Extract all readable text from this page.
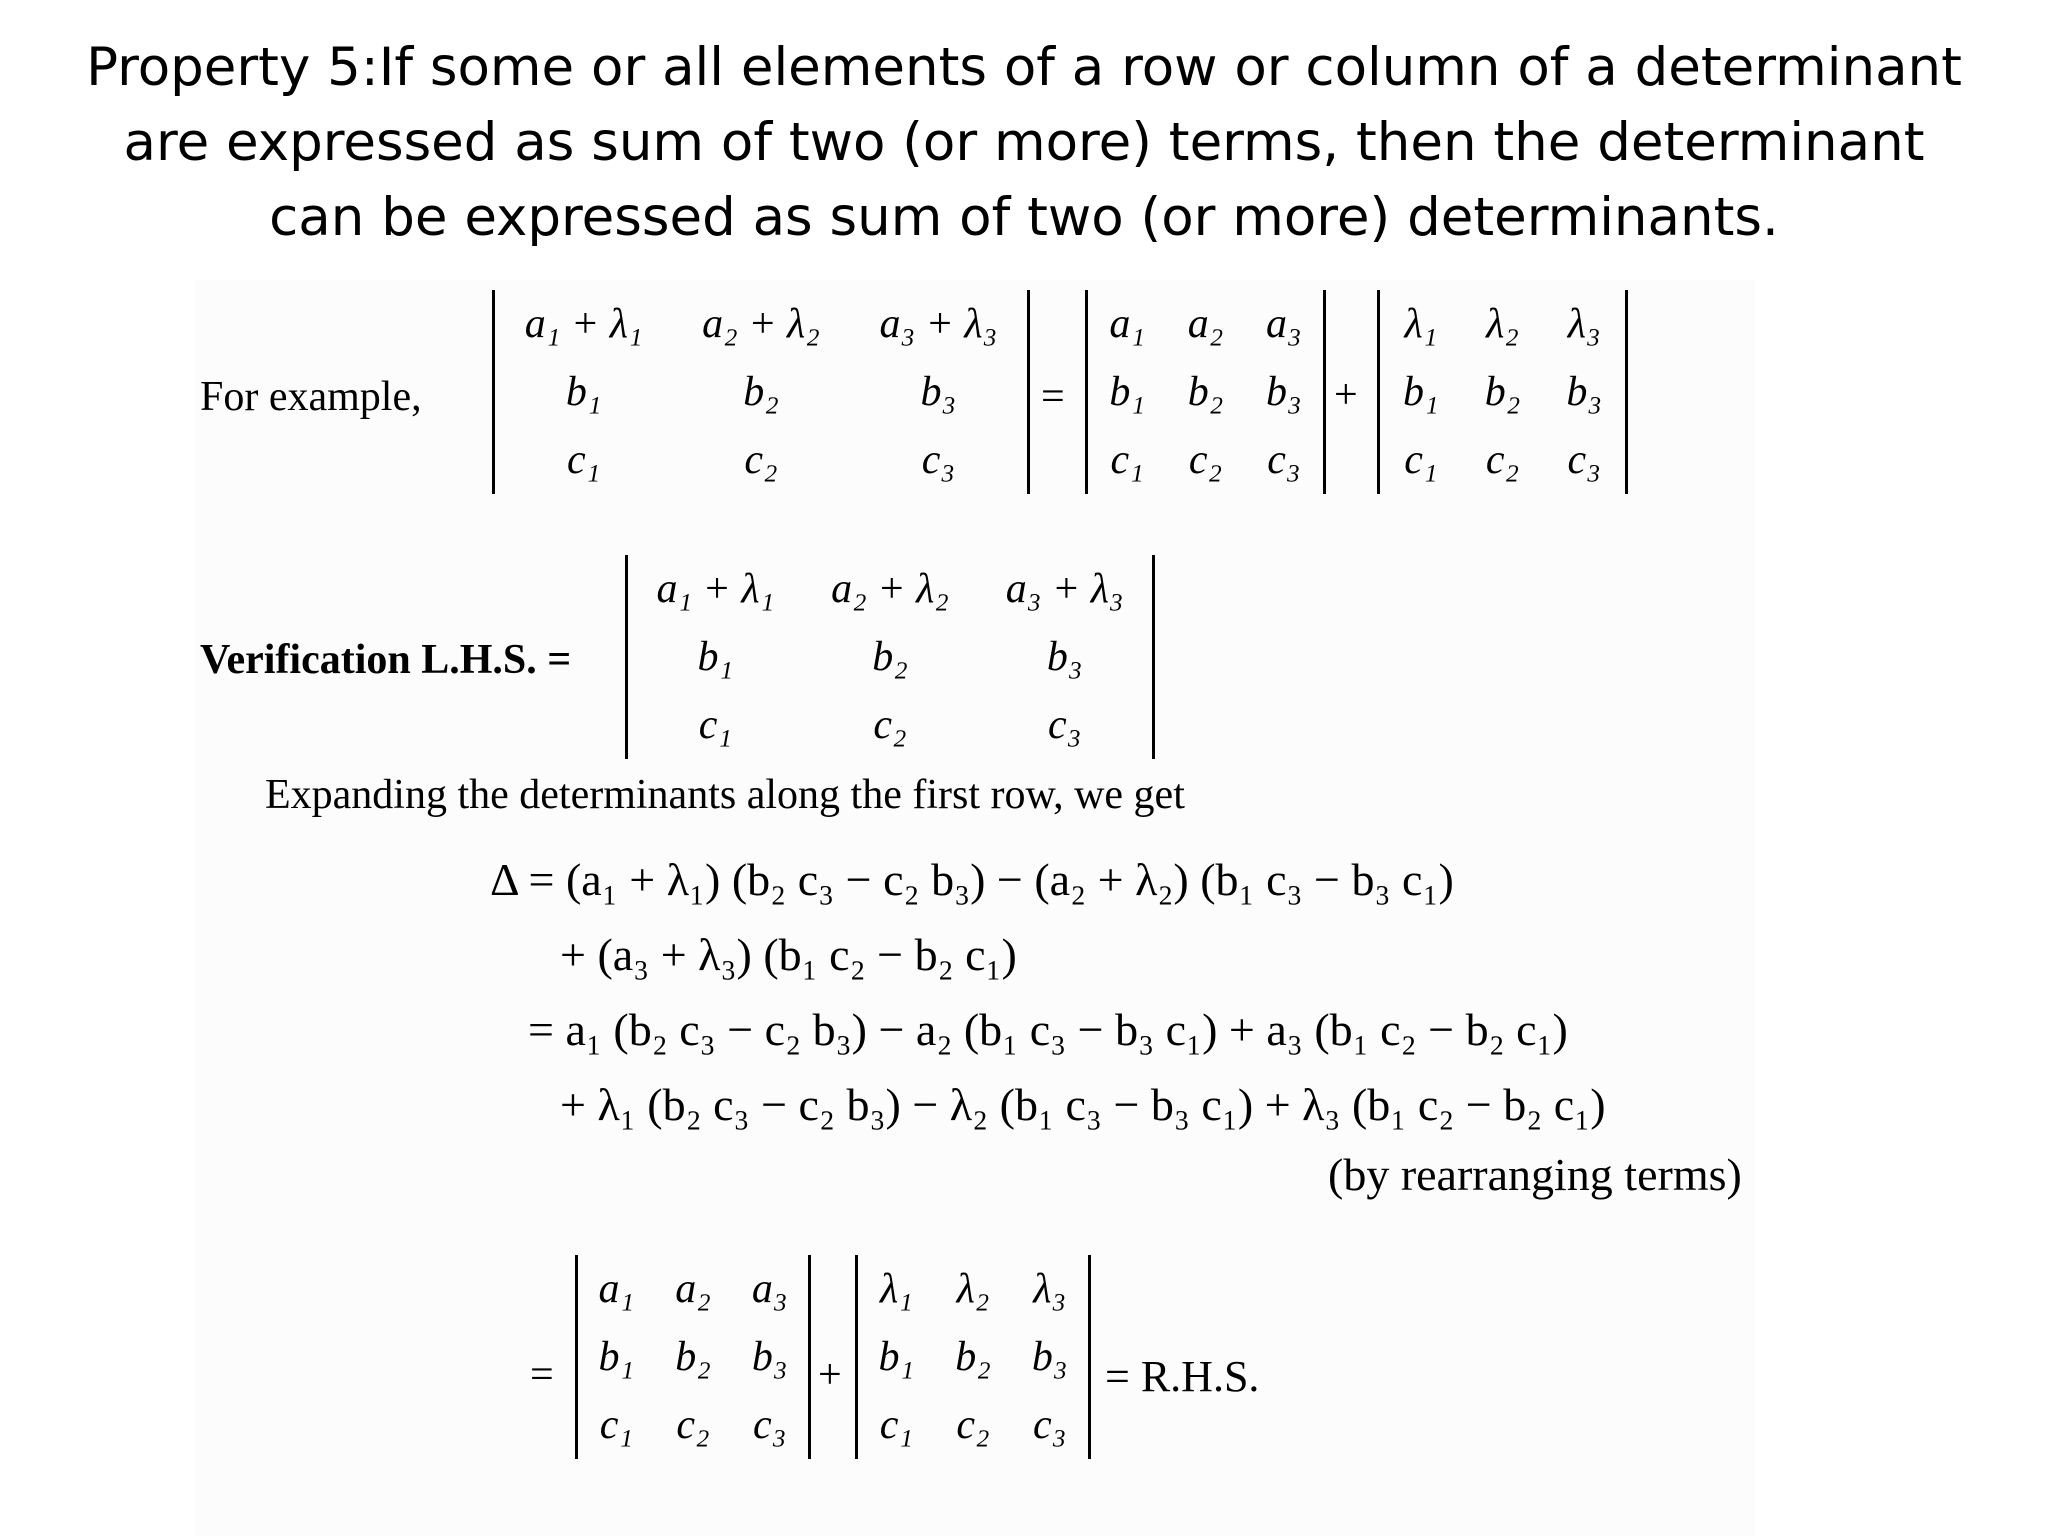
Property 5:If some or all elements of a row or column of a determinant
are expressed as sum of two (or more) terms, then the determinant
can be expressed as sum of two (or more) determinants.
For example,
a₁ + λ₁	a₂ + λ₂	a₃ + λ₃
b₁	b₂	b₃
c₁	c₂	c₃
=
a₁	a₂	a₃
b₁	b₂	b₃
c₁	c₂	c₃
+
λ₁	λ₂	λ₃
b₁	b₂	b₃
c₁	c₂	c₃
Verification L.H.S. =
a₁ + λ₁	a₂ + λ₂	a₃ + λ₃
b₁	b₂	b₃
c₁	c₂	c₃
Expanding the determinants along the first row, we get
Δ = (a₁ + λ₁) (b₂ c₃ − c₂ b₃) − (a₂ + λ₂) (b₁ c₃ − b₃ c₁)
+ (a₃ + λ₃) (b₁ c₂ − b₂ c₁)
= a₁ (b₂ c₃ − c₂ b₃) − a₂ (b₁ c₃ − b₃ c₁) + a₃ (b₁ c₂ − b₂ c₁)
+ λ₁ (b₂ c₃ − c₂ b₃) − λ₂ (b₁ c₃ − b₃ c₁) + λ₃ (b₁ c₂ − b₂ c₁)
(by rearranging terms)
=
a₁ a₂ a₃
b₁ b₂ b₃
c₁	c₂	c₃
+
λ₁	λ₂	λ₃
b₁ b₂ b₃
c₁	c₂	c₃
= R.H.S.
